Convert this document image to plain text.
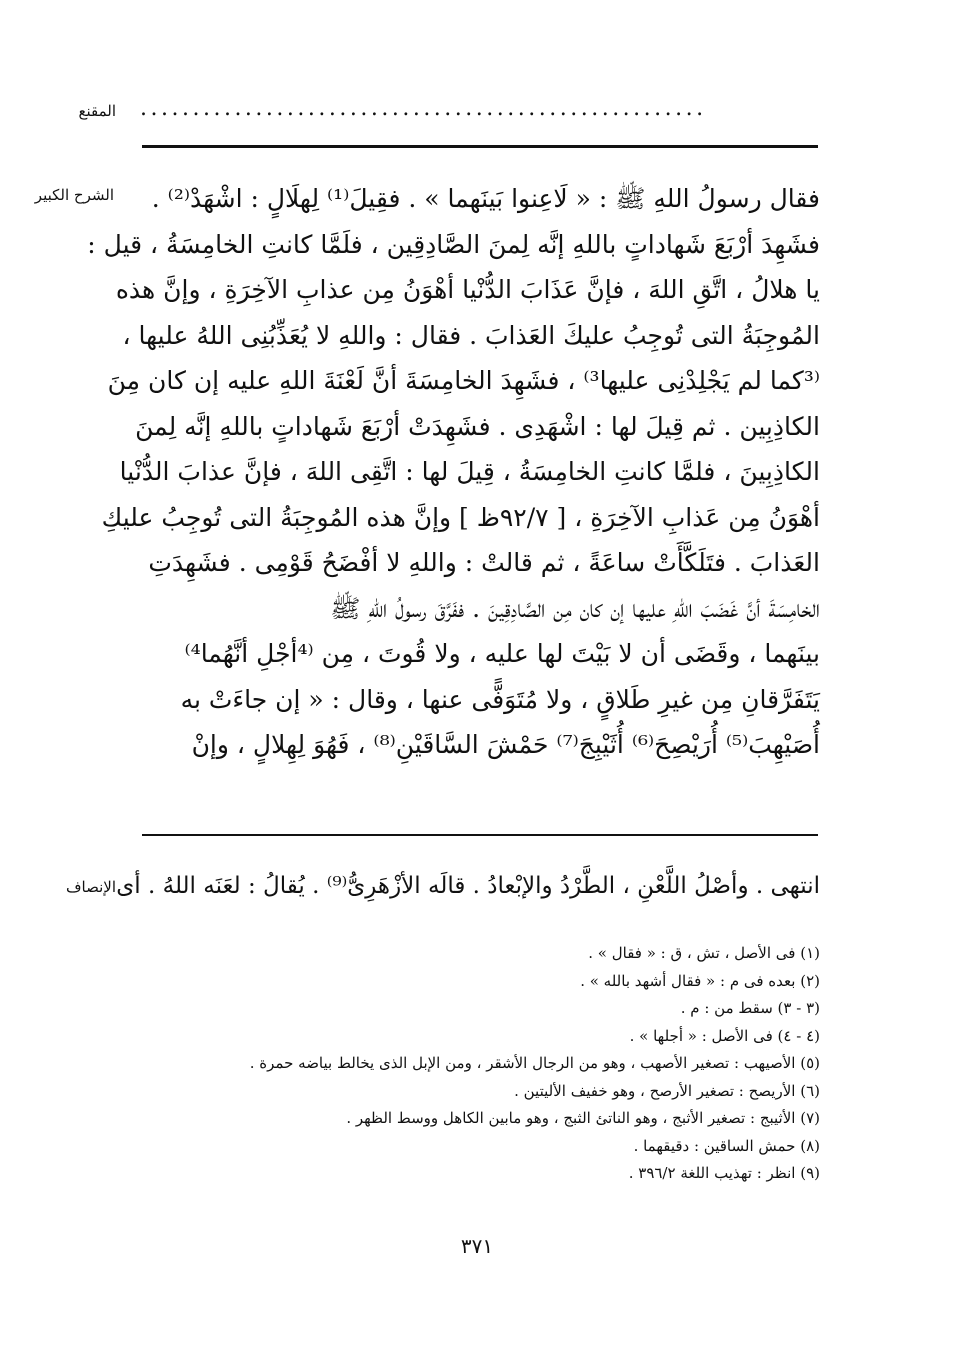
المقنع ......................................................
الشرح الكبير	فقال رسولُ اللهِ ﷺ : « لَاعِنوا بَينَهما » . فقِيلَ⁽¹⁾ لِهلَالٍ : اشْهَدْ⁽²⁾ .
فشَهِدَ أرْبَعَ شَهاداتٍ باللهِ إنَّه لِمنَ الصَّادِقِين ، فلَمَّا كانتِ الخامِسَةُ ، قيل :
يا هلالُ ، اتَّقِ اللهَ ، فإنَّ عَذَابَ الدُّنْيا أهْوَنُ مِن عذابِ الآخِرَةِ ، وإنَّ هذه
المُوجِبَةُ التى تُوجِبُ عليكَ العَذابَ . فقال : واللهِ لا يُعَذِّبُنِى اللهُ عليها ،
⁽³كما لم يَجْلِدْنِى عليها³⁾ ، فشَهِدَ الخامِسَةَ أنَّ لَعْنَةَ اللهِ عليه إن كان مِنَ
الكاذِبِين . ثم قِيلَ لها : اشْهَدِى . فشَهِدَتْ أرْبَعَ شَهاداتٍ باللهِ إنَّه لِمنَ
الكاذِبِينَ ، فلمَّا كانتِ الخامِسَةُ ، قِيلَ لها : اتَّقِى اللهَ ، فإنَّ عذابَ الدُّنْيا
أهْوَنُ مِن عَذابِ الآخِرَةِ ، [ ٩٢/٧ظ ] وإنَّ هذه المُوجِبَةُ التى تُوجِبُ عليكِ
العَذابَ . فتَلَكَّأَتْ ساعَةً ، ثم قالتْ : واللهِ لا أفْضَحُ قَوْمِى . فشَهِدَتِ
الخامِسَةَ أنَّ غَضَبَ اللهِ عليها إن كان مِن الصَّادِقِينَ . ففَرَّقَ رسولُ اللهِ ﷺ
بينَهما ، وقَضَى أن لا بَيْتَ لها عليه ، ولا قُوتَ ، مِن ⁽⁴أجْلِ أنَّهُما⁴⁾
يَتَفَرَّقانِ مِن غيرِ طَلاقٍ ، ولا مُتَوَفًّى عنها ، وقال : « إن جاءَتْ به
أُصَيْهِبَ⁽⁵⁾ أُرَيْصِحَ⁽⁶⁾ أُثَيْبِجَ⁽⁷⁾ حَمْشَ السَّاقَيْنِ⁽⁸⁾ ، فَهُوَ لِهِلالٍ ، وإنْ
الإنصاف انتهى . وأصْلُ اللَّعْنِ ، الطَّرْدُ والإبْعادُ . قالَه الأزْهَرِىُّ⁽⁹⁾ . يُقالُ : لعَنَه اللهُ . أى
(١) فى الأصل ، تش ، ق : « فقال » .
(٢) بعده فى م : « فقال أشهد بالله » .
(٣ - ٣) سقط من : م .
(٤ - ٤) فى الأصل : « أجلها » .
(٥) الأصيهب : تصغير الأصهب ، وهو من الرجال الأشقر ، ومن الإبل الذى يخالط بياضه حمرة .
(٦) الأريصح : تصغير الأرصح ، وهو خفيف الأليتين .
(٧) الأثيبج : تصغير الأثبج ، وهو الناتئ الثبج ، وهو مابين الكاهل ووسط الظهر .
(٨) حمش الساقين : دقيقهما .
(٩) انظر : تهذيب اللغة ٣٩٦/٢ .
٣٧١
